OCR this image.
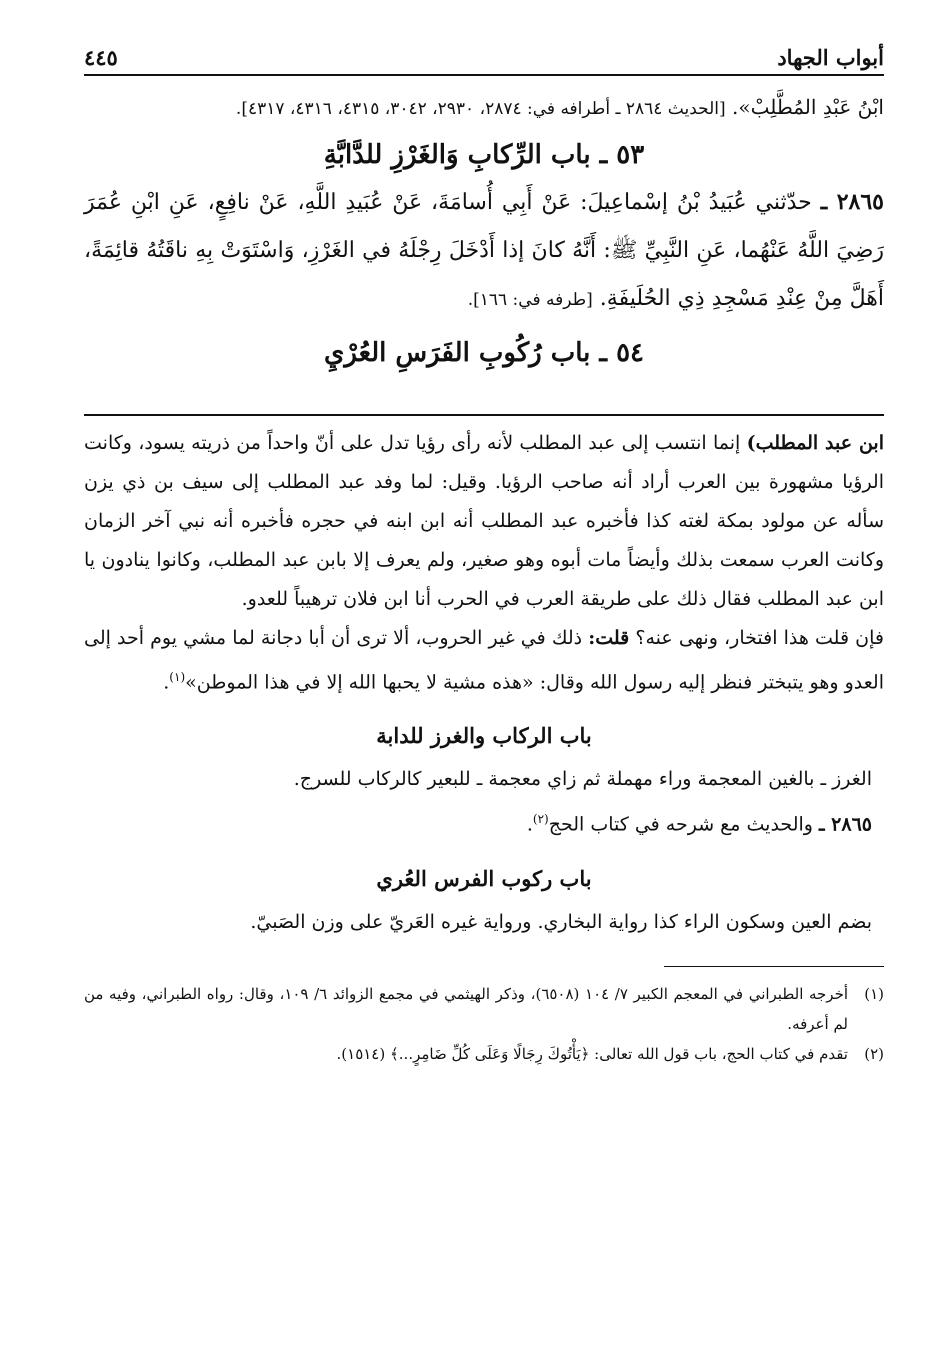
أبواب الجهاد
٤٤٥
ابْنُ عَبْدِ المُطَّلِبْ». [الحديث ٢٨٦٤ ـ أطرافه في: ٢٨٧٤، ٢٩٣٠، ٣٠٤٢، ٤٣١٥، ٤٣١٦، ٤٣١٧].
٥٣ ـ باب الرِّكابِ وَالغَرْزِ للدَّابَّةِ
٢٨٦٥ ـ حدّثني عُبَيدُ بْنُ إسْماعِيلَ: عَنْ أَبِي أُسامَةَ، عَنْ عُبَيدِ اللَّهِ، عَنْ نافِعٍ، عَنِ ابْنِ عُمَرَ رَضِيَ اللَّهُ عَنْهُما، عَنِ النَّبِيِّ ﷺ: أَنَّهُ كانَ إذا أَدْخَلَ رِجْلَهُ في الغَرْزِ، وَاسْتَوَتْ بِهِ ناقَتُهُ قائِمَةً، أَهَلَّ مِنْ عِنْدِ مَسْجِدِ ذِي الحُلَيفَةِ. [طرفه في: ١٦٦].
٥٤ ـ باب رُكُوبِ الفَرَسِ العُرْيِ

ابن عبد المطلب) إنما انتسب إلى عبد المطلب لأنه رأى رؤيا تدل على أنّ واحداً من ذريته يسود، وكانت الرؤيا مشهورة بين العرب أراد أنه صاحب الرؤيا. وقيل: لما وفد عبد المطلب إلى سيف بن ذي يزن سأله عن مولود بمكة لغته كذا فأخبره عبد المطلب أنه ابن ابنه في حجره فأخبره أنه نبي آخر الزمان وكانت العرب سمعت بذلك وأيضاً مات أبوه وهو صغير، ولم يعرف إلا بابن عبد المطلب، وكانوا ينادون يا ابن عبد المطلب فقال ذلك على طريقة العرب في الحرب أنا ابن فلان ترهيباً للعدو.

فإن قلت هذا افتخار، ونهى عنه؟ قلت: ذلك في غير الحروب، ألا ترى أن أبا دجانة لما مشي يوم أحد إلى العدو وهو يتبختر فنظر إليه رسول الله وقال: «هذه مشية لا يحبها الله إلا في هذا الموطن»$^{(١)}$.

باب الركاب والغرز للدابة
الغرز ـ بالغين المعجمة وراء مهملة ثم زاي معجمة ـ للبعير كالركاب للسرج.
٢٨٦٥ ـ والحديث مع شرحه في كتاب الحج$^{(٢)}$.
باب ركوب الفرس العُري
بضم العين وسكون الراء كذا رواية البخاري. ورواية غيره العَريّ على وزن الصَبيّ.
(١)
أخرجه الطبراني في المعجم الكبير ٧/ ١٠٤ (٦٥٠٨)، وذكر الهيثمي في مجمع الزوائد ٦/ ١٠٩، وقال: رواه الطبراني، وفيه من لم أعرفه.
(٢)
تقدم في كتاب الحج، باب قول الله تعالى: ﴿يَأْتُوكَ رِجَالًا وَعَلَى كُلِّ ضَامِرٍ...﴾ (١٥١٤).
